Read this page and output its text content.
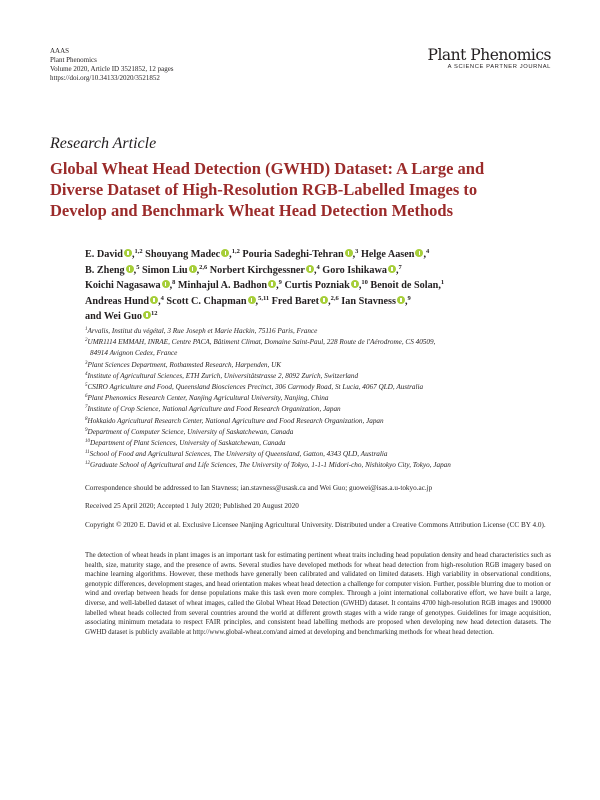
AAAS
Plant Phenomics
Volume 2020, Article ID 3521852, 12 pages
https://doi.org/10.34133/2020/3521852
Plant Phenomics
A SCIENCE PARTNER JOURNAL
Research Article
Global Wheat Head Detection (GWHD) Dataset: A Large and
Diverse Dataset of High-Resolution RGB-Labelled Images to
Develop and Benchmark Wheat Head Detection Methods
E. David ,$^{1,2}$ Shouyang Madec ,$^{1,2}$ Pouria Sadeghi-Tehran ,$^3$ Helge Aasen ,$^4$
B. Zheng ,$^5$ Simon Liu ,$^{2,6}$ Norbert Kirchgessner ,$^4$ Goro Ishikawa ,$^7$
Koichi Nagasawa ,$^8$ Minhajul A. Badhon ,$^9$ Curtis Pozniak ,$^{10}$ Benoit de Solan,$^1$
Andreas Hund ,$^4$ Scott C. Chapman ,$^{5,11}$ Fred Baret ,$^{2,6}$ Ian Stavness ,$^9$
and Wei Guo $^{12}$
$^1$Arvalis, Institut du végétal, 3 Rue Joseph et Marie Hackin, 75116 Paris, France
$^2$UMR1114 EMMAH, INRAE, Centre PACA, Bâtiment Climat, Domaine Saint-Paul, 228 Route de l'Aérodrome, CS 40509,
84914 Avignon Cedex, France
$^3$Plant Sciences Department, Rothamsted Research, Harpenden, UK
$^4$Institute of Agricultural Sciences, ETH Zurich, Universitätstrasse 2, 8092 Zurich, Switzerland
$^5$CSIRO Agriculture and Food, Queensland Biosciences Precinct, 306 Carmody Road, St Lucia, 4067 QLD, Australia
$^6$Plant Phenomics Research Center, Nanjing Agricultural University, Nanjing, China
$^7$Institute of Crop Science, National Agriculture and Food Research Organization, Japan
$^8$Hokkaido Agricultural Research Center, National Agriculture and Food Research Organization, Japan
$^9$Department of Computer Science, University of Saskatchewan, Canada
$^{10}$Department of Plant Sciences, University of Saskatchewan, Canada
$^{11}$School of Food and Agricultural Sciences, The University of Queensland, Gatton, 4343 QLD, Australia
$^{12}$Graduate School of Agricultural and Life Sciences, The University of Tokyo, 1-1-1 Midori-cho, Nishitokyo City, Tokyo, Japan
Correspondence should be addressed to Ian Stavness; ian.stavness@usask.ca and Wei Guo; guowei@isas.a.u-tokyo.ac.jp
Received 25 April 2020; Accepted 1 July 2020; Published 20 August 2020
Copyright © 2020 E. David et al. Exclusive Licensee Nanjing Agricultural University. Distributed under a Creative Commons Attribution License (CC BY 4.0).
The detection of wheat heads in plant images is an important task for estimating pertinent wheat traits including head population density and head characteristics such as health, size, maturity stage, and the presence of awns. Several studies have developed methods for wheat head detection from high-resolution RGB imagery based on machine learning algorithms. However, these methods have generally been calibrated and validated on limited datasets. High variability in observational conditions, genotypic differences, development stages, and head orientation makes wheat head detection a challenge for computer vision. Further, possible blurring due to motion or wind and overlap between heads for dense populations make this task even more complex. Through a joint international collaborative effort, we have built a large, diverse, and well-labelled dataset of wheat images, called the Global Wheat Head Detection (GWHD) dataset. It contains 4700 high-resolution RGB images and 190000 labelled wheat heads collected from several countries around the world at different growth stages with a wide range of genotypes. Guidelines for image acquisition, associating minimum metadata to respect FAIR principles, and consistent head labelling methods are proposed when developing new head detection datasets. The GWHD dataset is publicly available at http://www.global-wheat.com/and aimed at developing and benchmarking methods for wheat head detection.
